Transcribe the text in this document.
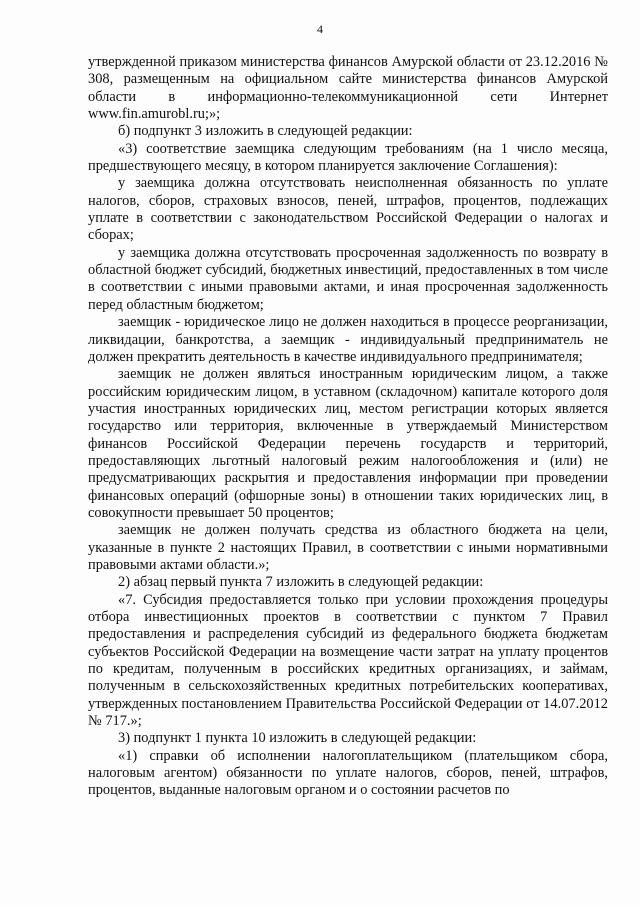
4

утвержденной приказом министерства финансов Амурской области от 23.12.2016 № 308, размещенным на официальном сайте министерства финансов Амурской области в информационно-телекоммуникационной сети Интернет www.fin.amurobl.ru;»;

б) подпункт 3 изложить в следующей редакции:

«3) соответствие заемщика следующим требованиям (на 1 число месяца, предшествующего месяцу, в котором планируется заключение Соглашения):

у заемщика должна отсутствовать неисполненная обязанность по уплате налогов, сборов, страховых взносов, пеней, штрафов, процентов, подлежащих уплате в соответствии с законодательством Российской Федерации о налогах и сборах;

у заемщика должна отсутствовать просроченная задолженность по возврату в областной бюджет субсидий, бюджетных инвестиций, предоставленных в том числе в соответствии с иными правовыми актами, и иная просроченная задолженность перед областным бюджетом;

заемщик - юридическое лицо не должен находиться в процессе реорганизации, ликвидации, банкротства, а заемщик - индивидуальный предприниматель не должен прекратить деятельность в качестве индивидуального предпринимателя;

заемщик не должен являться иностранным юридическим лицом, а также российским юридическим лицом, в уставном (складочном) капитале которого доля участия иностранных юридических лиц, местом регистрации которых является государство или территория, включенные в утверждаемый Министерством финансов Российской Федерации перечень государств и территорий, предоставляющих льготный налоговый режим налогообложения и (или) не предусматривающих раскрытия и предоставления информации при проведении финансовых операций (офшорные зоны) в отношении таких юридических лиц, в совокупности превышает 50 процентов;

заемщик не должен получать средства из областного бюджета на цели, указанные в пункте 2 настоящих Правил, в соответствии с иными нормативными правовыми актами области.»;

2) абзац первый пункта 7 изложить в следующей редакции:

«7. Субсидия предоставляется только при условии прохождения процедуры отбора инвестиционных проектов в соответствии с пунктом 7 Правил предоставления и распределения субсидий из федерального бюджета бюджетам субъектов Российской Федерации на возмещение части затрат на уплату процентов по кредитам, полученным в российских кредитных организациях, и займам, полученным в сельскохозяйственных кредитных потребительских кооперативах, утвержденных постановлением Правительства Российской Федерации от 14.07.2012 № 717.»;

3) подпункт 1 пункта 10 изложить в следующей редакции:

«1) справки об исполнении налогоплательщиком (плательщиком сбора, налоговым агентом) обязанности по уплате налогов, сборов, пеней, штрафов, процентов, выданные налоговым органом и о состоянии расчетов по
